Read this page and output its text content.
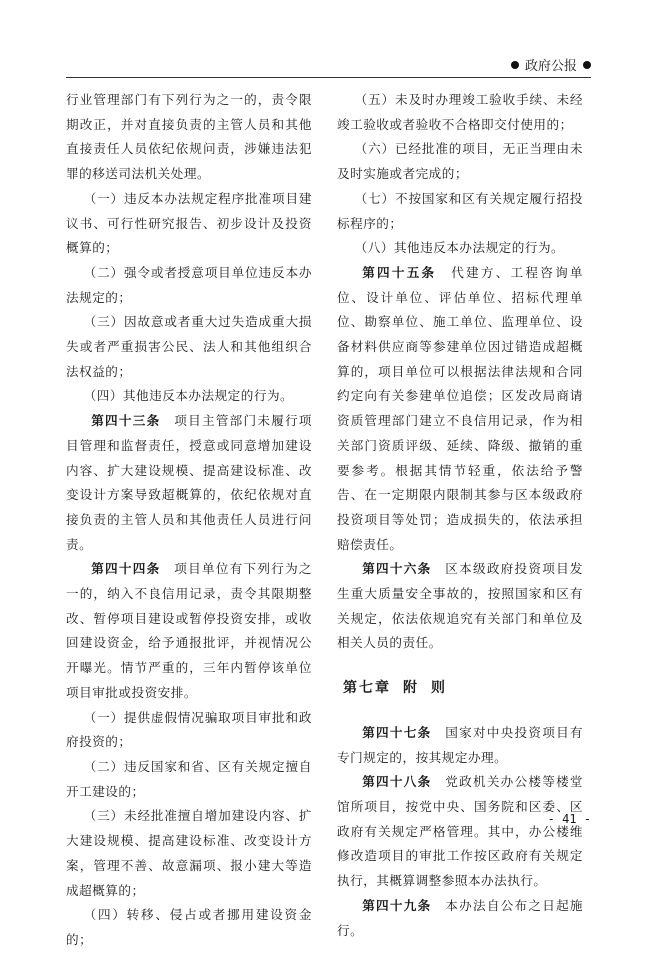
政府公报

行业管理部门有下列行为之一的，责令限期改正，并对直接负责的主管人员和其他直接责任人员依纪依规问责，涉嫌违法犯罪的移送司法机关处理。

（一）违反本办法规定程序批准项目建议书、可行性研究报告、初步设计及投资概算的；

（二）强令或者授意项目单位违反本办法规定的；

（三）因故意或者重大过失造成重大损失或者严重损害公民、法人和其他组织合法权益的；

（四）其他违反本办法规定的行为。

第四十三条  项目主管部门未履行项目管理和监督责任，授意或同意增加建设内容、扩大建设规模、提高建设标准、改变设计方案导致超概算的，依纪依规对直接负责的主管人员和其他责任人员进行问责。

第四十四条  项目单位有下列行为之一的，纳入不良信用记录，责令其限期整改、暂停项目建设或暂停投资安排，或收回建设资金，给予通报批评，并视情况公开曝光。情节严重的，三年内暂停该单位项目审批或投资安排。

（一）提供虚假情况骗取项目审批和政府投资的；

（二）违反国家和省、区有关规定擅自开工建设的；

（三）未经批准擅自增加建设内容、扩大建设规模、提高建设标准、改变设计方案，管理不善、故意漏项、报小建大等造成超概算的；

（四）转移、侵占或者挪用建设资金的；

（五）未及时办理竣工验收手续、未经竣工验收或者验收不合格即交付使用的；

（六）已经批准的项目，无正当理由未及时实施或者完成的；

（七）不按国家和区有关规定履行招投标程序的；

（八）其他违反本办法规定的行为。

第四十五条  代建方、工程咨询单位、设计单位、评估单位、招标代理单位、勘察单位、施工单位、监理单位、设备材料供应商等参建单位因过错造成超概算的，项目单位可以根据法律法规和合同约定向有关参建单位追偿；区发改局商请资质管理部门建立不良信用记录，作为相关部门资质评级、延续、降级、撤销的重要参考。根据其情节轻重，依法给予警告、在一定期限内限制其参与区本级政府投资项目等处罚；造成损失的，依法承担赔偿责任。

第四十六条  区本级政府投资项目发生重大质量安全事故的，按照国家和区有关规定，依法依规追究有关部门和单位及相关人员的责任。

第七章 附 则

第四十七条  国家对中央投资项目有专门规定的，按其规定办理。

第四十八条  党政机关办公楼等楼堂馆所项目，按党中央、国务院和区委、区政府有关规定严格管理。其中，办公楼维修改造项目的审批工作按区政府有关规定执行，其概算调整参照本办法执行。

第四十九条  本办法自公布之日起施行。

- 41 -
